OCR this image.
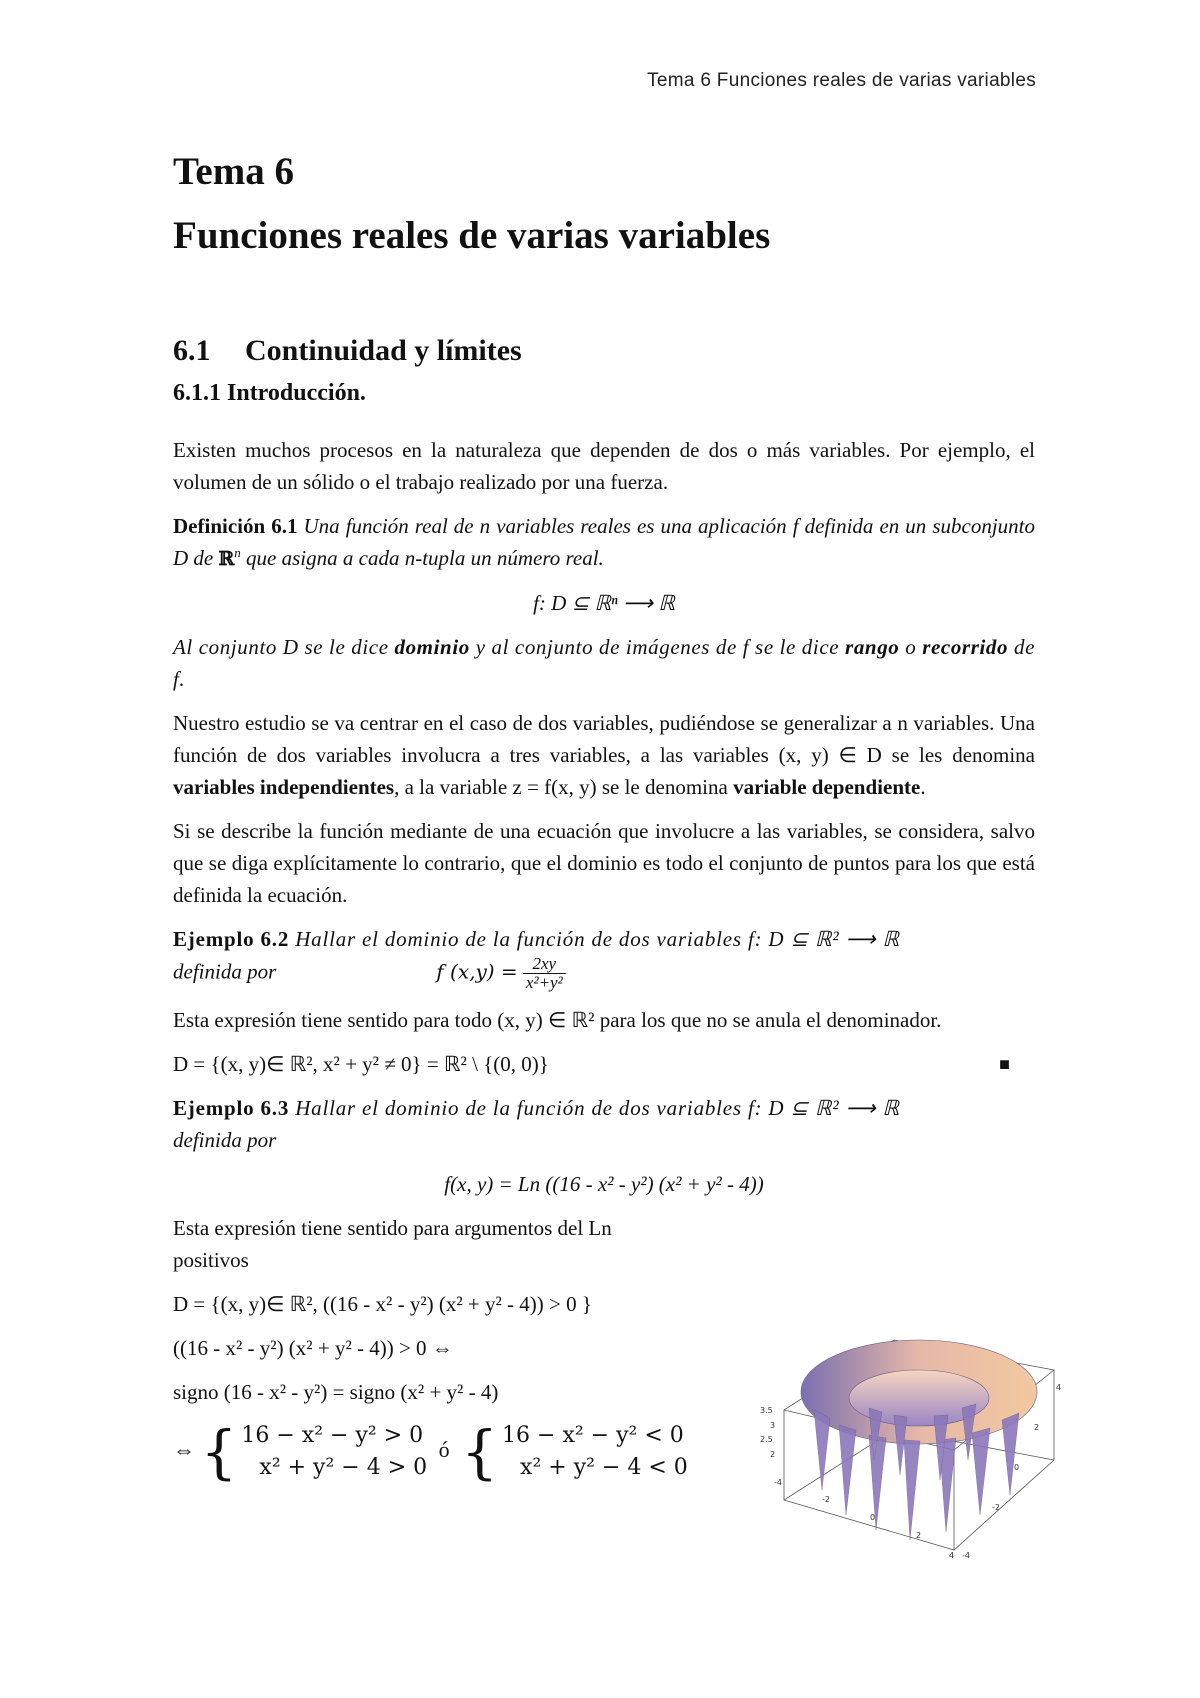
Tema 6 Funciones reales de varias variables
Tema 6
Funciones reales de varias variables
6.1 Continuidad y límites
6.1.1 Introducción.

Existen muchos procesos en la naturaleza que dependen de dos o más variables. Por ejemplo, el volumen de un sólido o el trabajo realizado por una fuerza.

Definición 6.1 Una función real de n variables reales es una aplicación f definida en un subconjunto D de ℝ$^n$ que asigna a cada n-tupla un número real.

f: D ⊆ ℝⁿ ⟶ ℝ

Al conjunto D se le dice dominio y al conjunto de imágenes de f se le dice rango o recorrido de f.

Nuestro estudio se va centrar en el caso de dos variables, pudiéndose se generalizar a n variables. Una función de dos variables involucra a tres variables, a las variables (x, y) ∈ D se les denomina variables independientes, a la variable z = f(x, y) se le denomina variable dependiente.

Si se describe la función mediante de una ecuación que involucre a las variables, se considera, salvo que se diga explícitamente lo contrario, que el dominio es todo el conjunto de puntos para los que está definida la ecuación.

Ejemplo 6.2 Hallar el dominio de la función de dos variables f: D ⊆ ℝ² ⟶ ℝ

definida por	f $(x,y) = \frac{2xy}{\text{x²+y²}}$

Esta expresión tiene sentido para todo (x, y) ∈ ℝ² para los que no se anula el denominador.

D = {(x, y)∈ ℝ², x² + y² ≠ 0} = ℝ² \ {(0, 0)}	■

Ejemplo 6.3 Hallar el dominio de la función de dos variables f: D ⊆ ℝ² ⟶ ℝ

definida por

f(x, y) = Ln ((16 - x² - y²) (x² + y² - 4))

Esta expresión tiene sentido para argumentos del Ln positivos

D = {(x, y)∈ ℝ², ((16 - x² - y²) (x² + y² - 4)) > 0 }

((16 - x² - y²) (x² + y² - 4)) > 0 ⇔

signo (16 - x² - y²) = signo (x² + y² - 4)

⇔ { 16 − x² − y² > 0
x² + y² − 4 > 0
ó { 16 − x² − y² < 0
x² + y² − 4 < 0
3.5
3
2.5
2
-4
-2
0
2
4
4
2
0
-2
-4
